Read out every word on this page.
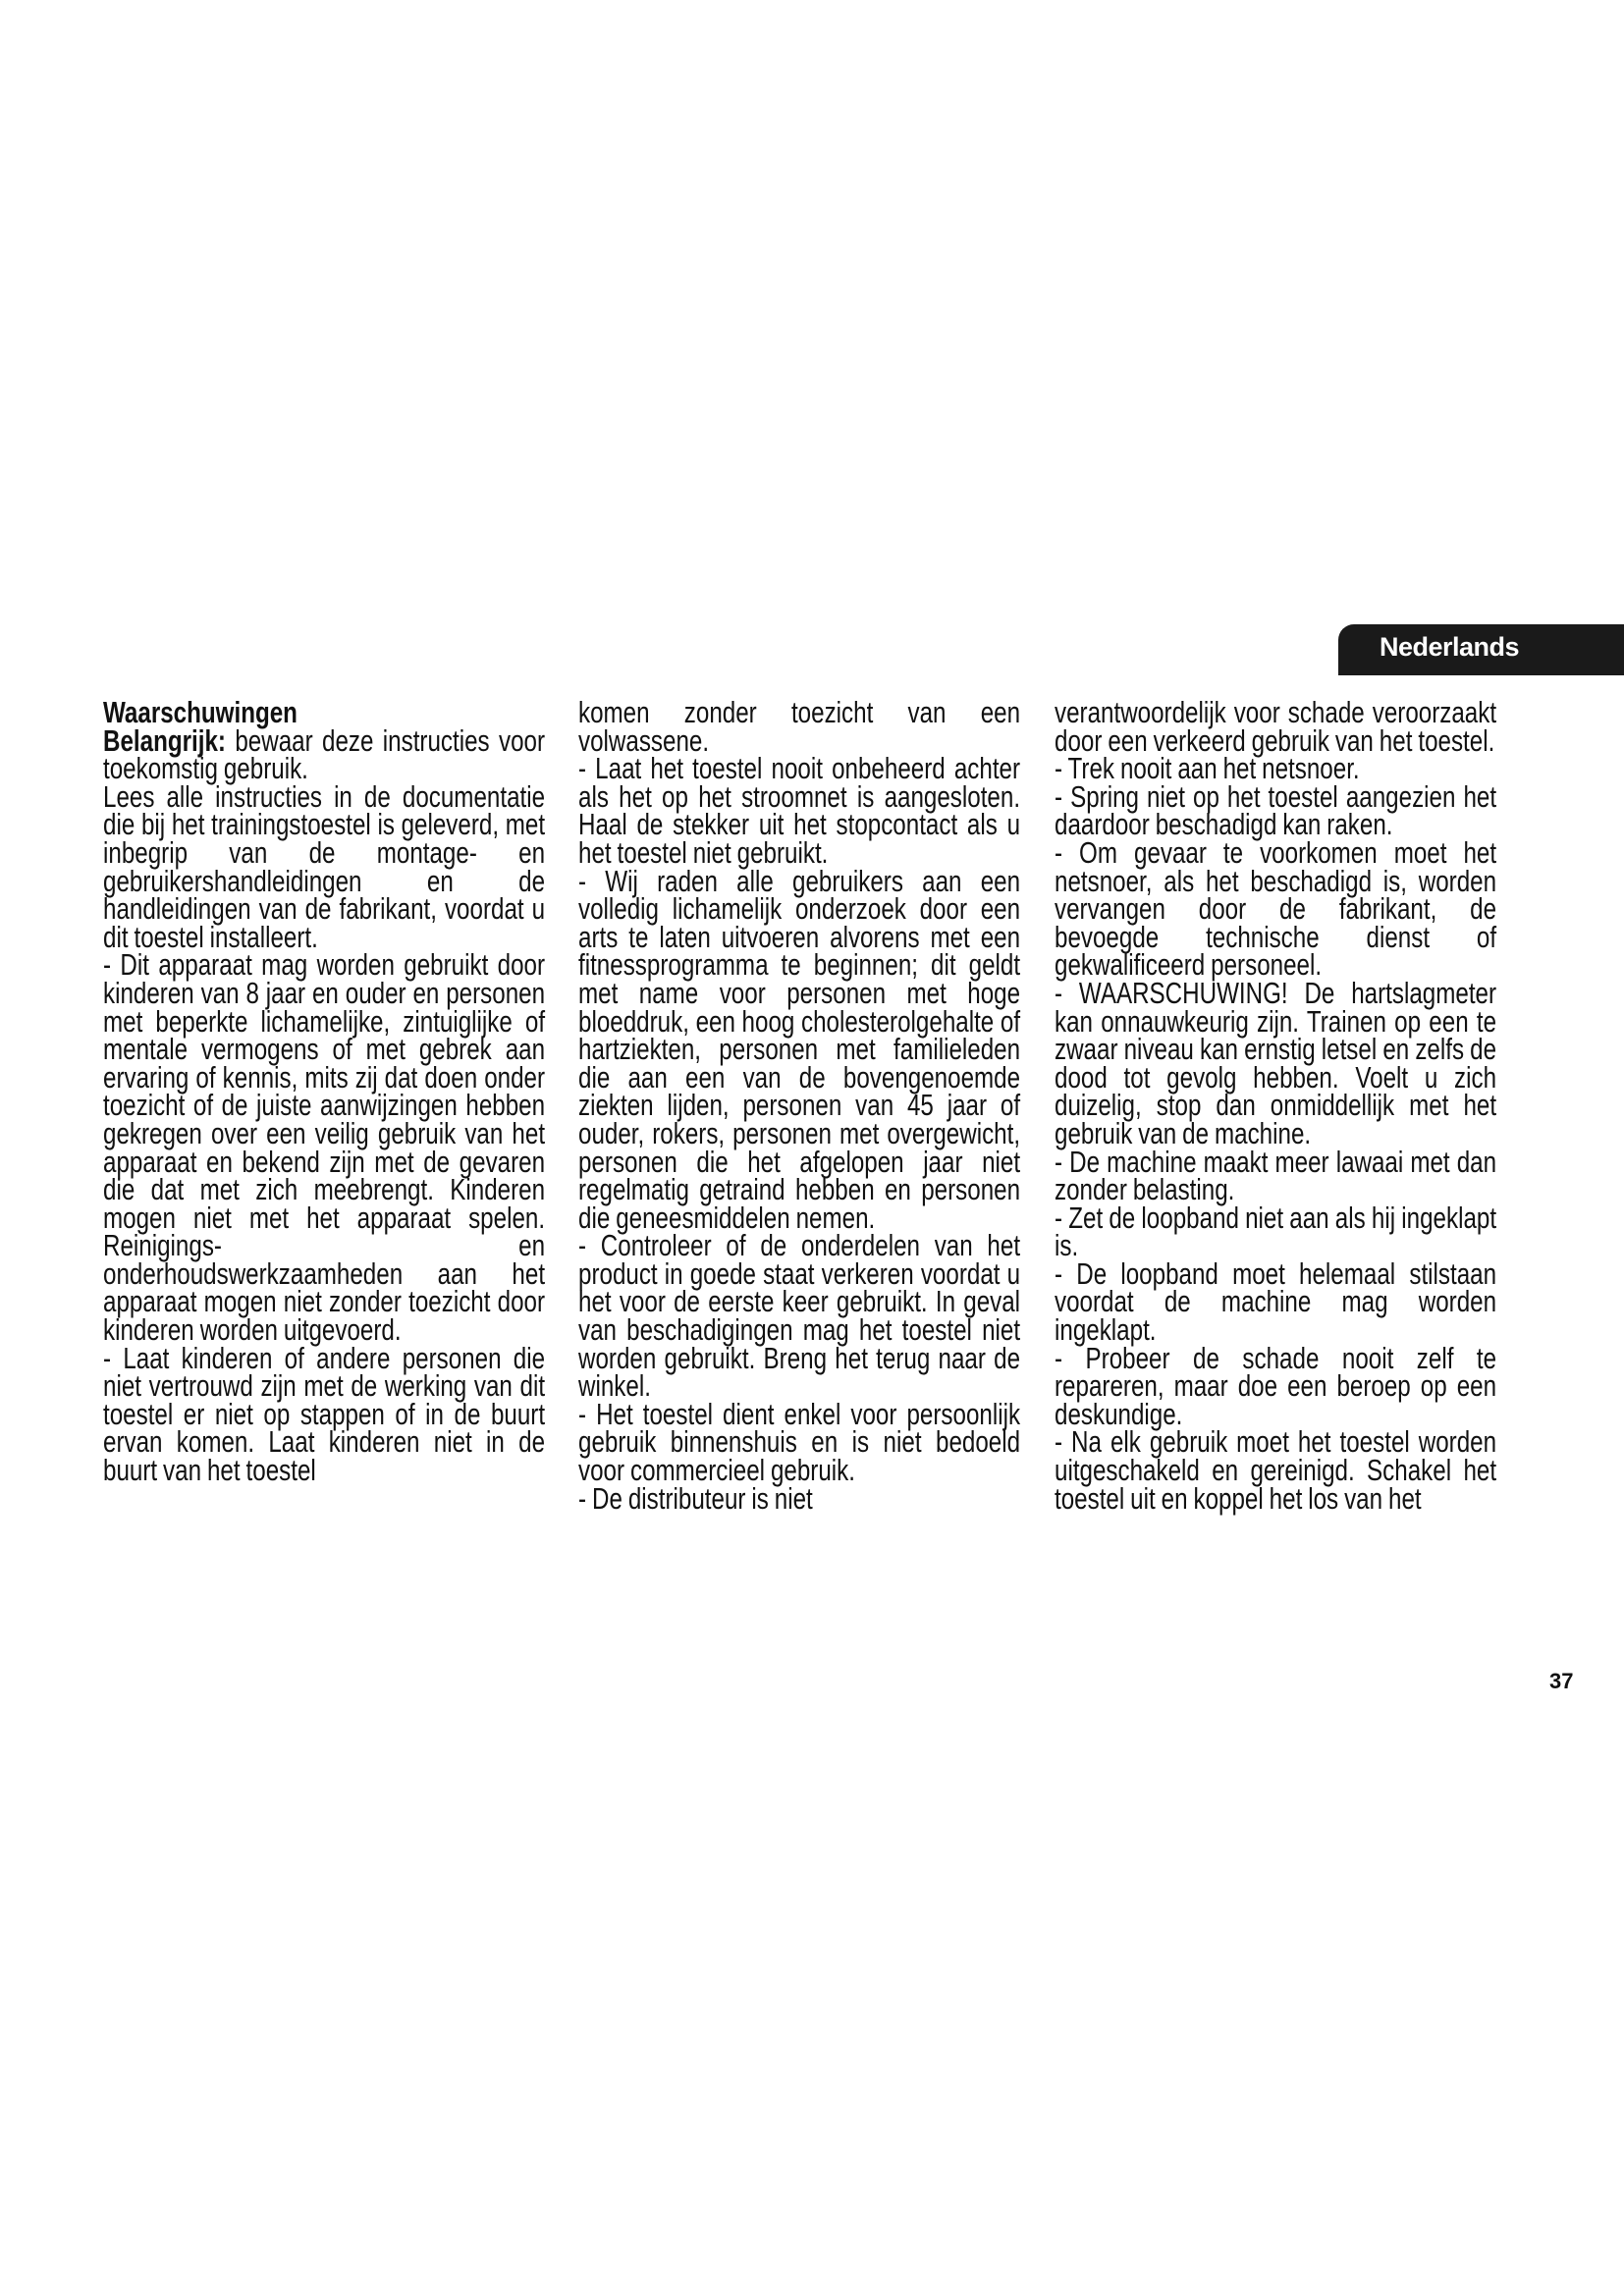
Nederlands

Waarschuwingen

Belangrijk: bewaar deze instructies voor toekomstig gebruik.

Lees alle instructies in de documentatie die bij het trainingstoestel is geleverd, met inbegrip van de montage- en gebruikershandleidingen en de handleidingen van de fabrikant, voordat u dit toestel installeert.

- Dit apparaat mag worden gebruikt door kinderen van 8 jaar en ouder en personen met beperkte lichamelijke, zintuiglijke of mentale vermogens of met gebrek aan ervaring of kennis, mits zij dat doen onder toezicht of de juiste aanwijzingen hebben gekregen over een veilig gebruik van het apparaat en bekend zijn met de gevaren die dat met zich meebrengt. Kinderen mogen niet met het apparaat spelen. Reinigings- en onderhoudswerkzaamheden aan het apparaat mogen niet zonder toezicht door kinderen worden uitgevoerd.

- Laat kinderen of andere personen die niet vertrouwd zijn met de werking van dit toestel er niet op stappen of in de buurt ervan komen. Laat kinderen niet in de buurt van het toestel

komen zonder toezicht van een volwassene.

- Laat het toestel nooit onbeheerd achter als het op het stroomnet is aangesloten. Haal de stekker uit het stopcontact als u het toestel niet gebruikt.

- Wij raden alle gebruikers aan een volledig lichamelijk onderzoek door een arts te laten uitvoeren alvorens met een fitnessprogramma te beginnen; dit geldt met name voor personen met hoge bloeddruk, een hoog cholesterolgehalte of hartziekten, personen met familieleden die aan een van de bovengenoemde ziekten lijden, personen van 45 jaar of ouder, rokers, personen met overgewicht, personen die het afgelopen jaar niet regelmatig getraind hebben en personen die geneesmiddelen nemen.

- Controleer of de onderdelen van het product in goede staat verkeren voordat u het voor de eerste keer gebruikt. In geval van beschadigingen mag het toestel niet worden gebruikt. Breng het terug naar de winkel.

- Het toestel dient enkel voor persoonlijk gebruik binnenshuis en is niet bedoeld voor commercieel gebruik.

- De distributeur is niet

verantwoordelijk voor schade veroorzaakt door een verkeerd gebruik van het toestel.

- Trek nooit aan het netsnoer.

- Spring niet op het toestel aangezien het daardoor beschadigd kan raken.

- Om gevaar te voorkomen moet het netsnoer, als het beschadigd is, worden vervangen door de fabrikant, de bevoegde technische dienst of gekwalificeerd personeel.

- WAARSCHUWING! De hartslagmeter kan onnauwkeurig zijn. Trainen op een te zwaar niveau kan ernstig letsel en zelfs de dood tot gevolg hebben. Voelt u zich duizelig, stop dan onmiddellijk met het gebruik van de machine.

- De machine maakt meer lawaai met dan zonder belasting.

- Zet de loopband niet aan als hij ingeklapt is.

- De loopband moet helemaal stilstaan voordat de machine mag worden ingeklapt.

- Probeer de schade nooit zelf te repareren, maar doe een beroep op een deskundige.

- Na elk gebruik moet het toestel worden uitgeschakeld en gereinigd. Schakel het toestel uit en koppel het los van het

37
